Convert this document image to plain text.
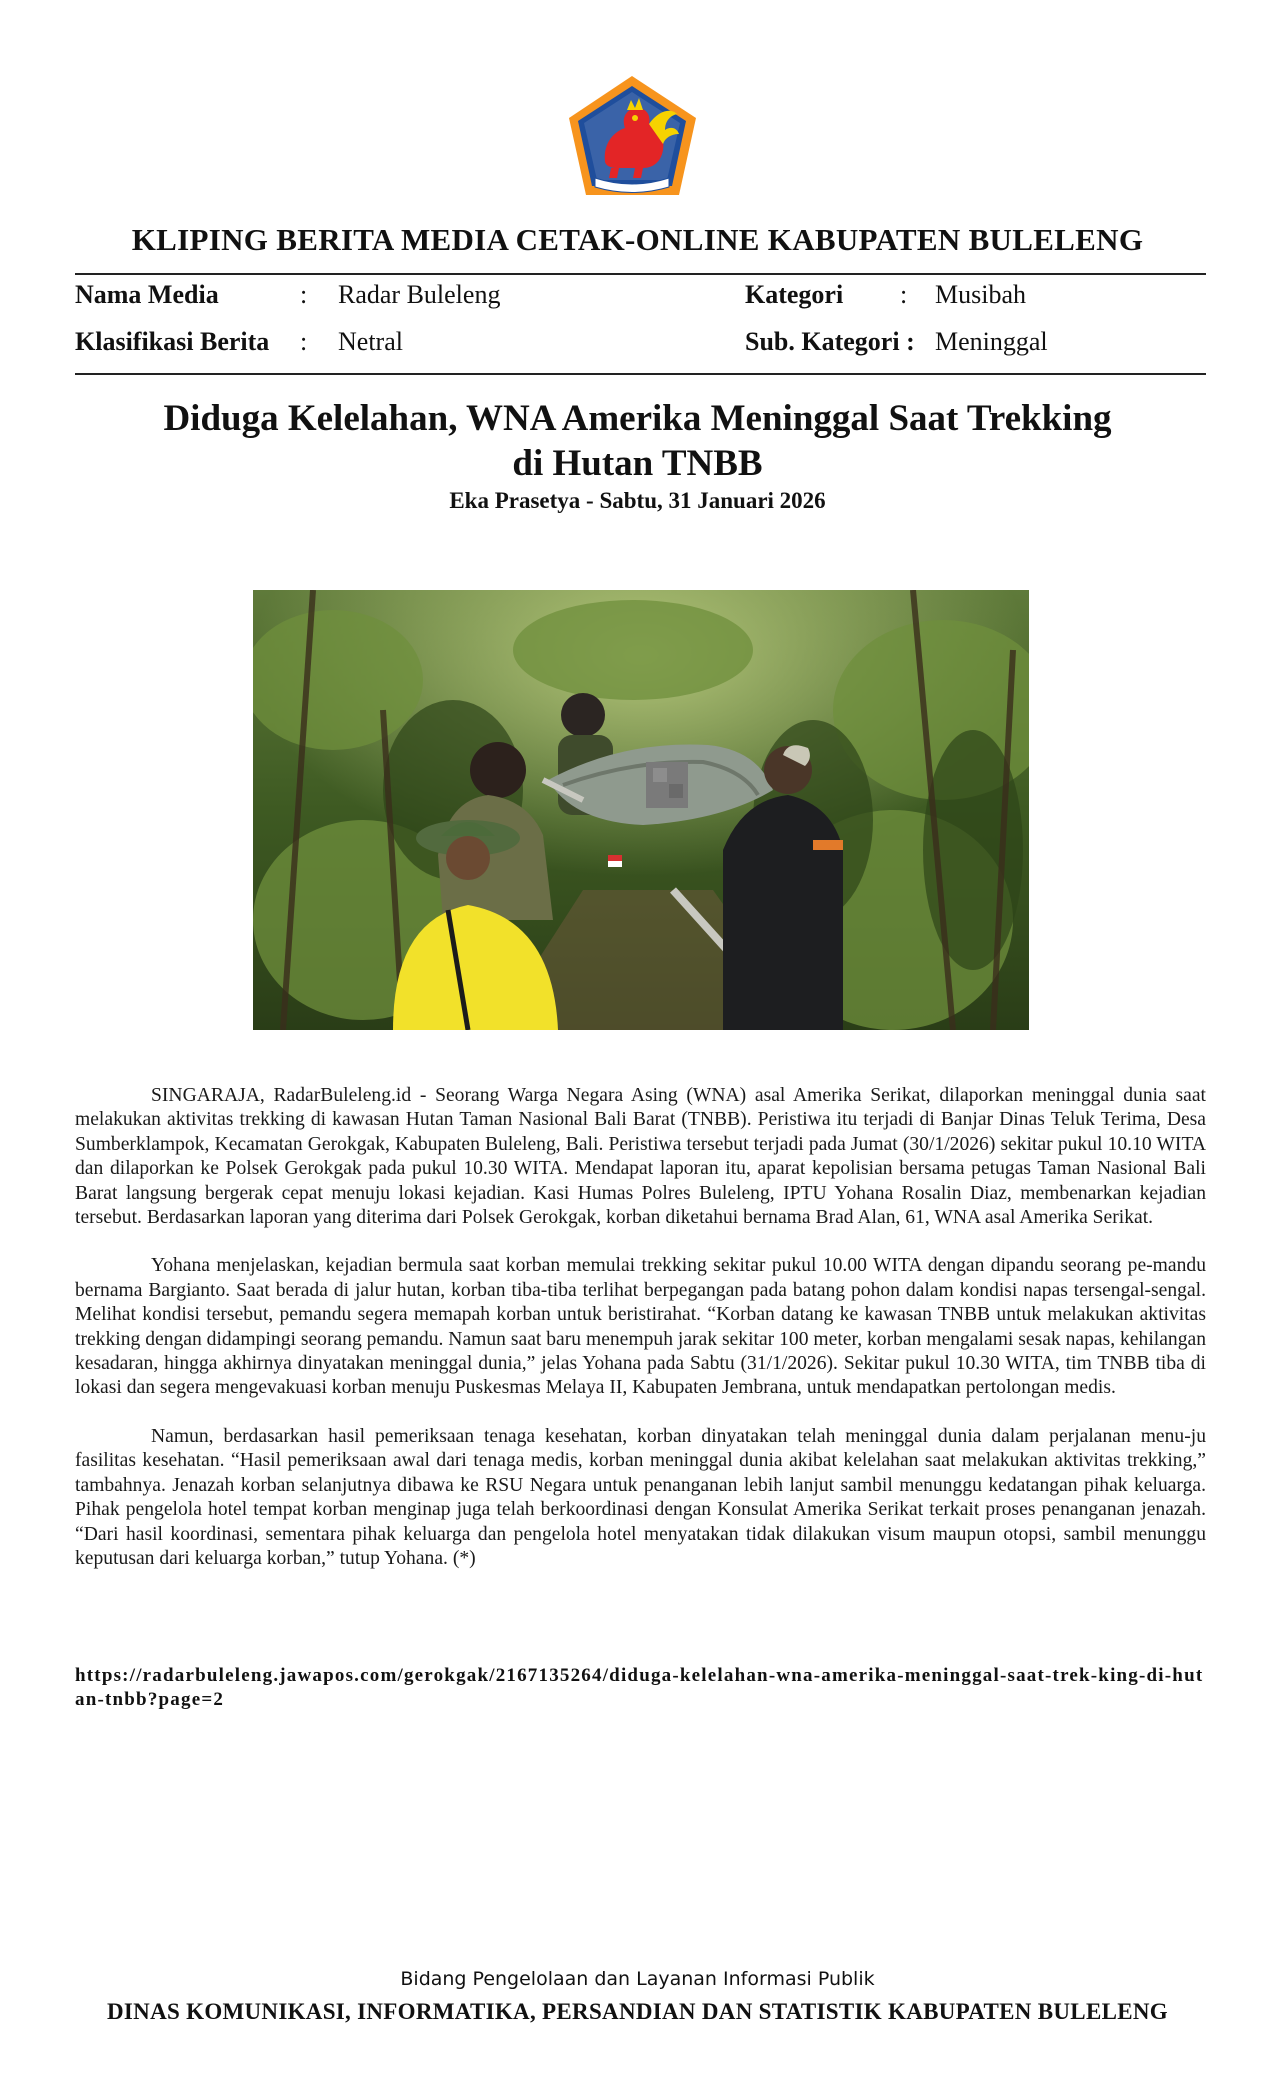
KLIPING BERITA MEDIA CETAK-ONLINE KABUPATEN BULELENG
Nama Media	: Radar Buleleng
Klasifikasi Berita : Netral
Kategori : Musibah
Sub. Kategori : Meninggal
Diduga Kelelahan, WNA Amerika Meninggal Saat Trekking
di Hutan TNBB
Eka Prasetya - Sabtu, 31 Januari 2026

SINGARAJA, RadarBuleleng.id - Seorang Warga Negara Asing (WNA) asal Amerika Serikat, dilaporkan meninggal dunia saat melakukan aktivitas trekking di kawasan Hutan Taman Nasional Bali Barat (TNBB). Peristiwa itu terjadi di Banjar Dinas Teluk Terima, Desa Sumberklampok, Kecamatan Gerokgak, Kabupaten Buleleng, Bali. Peristiwa tersebut terjadi pada Jumat (30/1/2026) sekitar pukul 10.10 WITA dan dilaporkan ke Polsek Gerokgak pada pukul 10.30 WITA. Mendapat laporan itu, aparat kepolisian bersama petugas Taman Nasional Bali Barat langsung bergerak cepat menuju lokasi kejadian. Kasi Humas Polres Buleleng, IPTU Yohana Rosalin Diaz, membenarkan kejadian tersebut. Berdasarkan laporan yang diterima dari Polsek Gerokgak, korban diketahui bernama Brad Alan, 61, WNA asal Amerika Serikat.

Yohana menjelaskan, kejadian bermula saat korban memulai trekking sekitar pukul 10.00 WITA dengan dipandu seorang pe-mandu bernama Bargianto. Saat berada di jalur hutan, korban tiba-tiba terlihat berpegangan pada batang pohon dalam kondisi napas tersengal-sengal. Melihat kondisi tersebut, pemandu segera memapah korban untuk beristirahat. “Korban datang ke kawasan TNBB untuk melakukan aktivitas trekking dengan didampingi seorang pemandu. Namun saat baru menempuh jarak sekitar 100 meter, korban mengalami sesak napas, kehilangan kesadaran, hingga akhirnya dinyatakan meninggal dunia,” jelas Yohana pada Sabtu (31/1/2026). Sekitar pukul 10.30 WITA, tim TNBB tiba di lokasi dan segera mengevakuasi korban menuju Puskesmas Melaya II, Kabupaten Jembrana, untuk mendapatkan pertolongan medis.

Namun, berdasarkan hasil pemeriksaan tenaga kesehatan, korban dinyatakan telah meninggal dunia dalam perjalanan menu-ju fasilitas kesehatan. “Hasil pemeriksaan awal dari tenaga medis, korban meninggal dunia akibat kelelahan saat melakukan aktivitas trekking,” tambahnya. Jenazah korban selanjutnya dibawa ke RSU Negara untuk penanganan lebih lanjut sambil menunggu kedatangan pihak keluarga. Pihak pengelola hotel tempat korban menginap juga telah berkoordinasi dengan Konsulat Amerika Serikat terkait proses penanganan jenazah. “Dari hasil koordinasi, sementara pihak keluarga dan pengelola hotel menyatakan tidak dilakukan visum maupun otopsi, sambil menunggu keputusan dari keluarga korban,” tutup Yohana. (*)

https://radarbuleleng.jawapos.com/gerokgak/2167135264/diduga-kelelahan-wna-amerika-meninggal-saat-trek-king-di-hutan-tnbb?page=2
Bidang Pengelolaan dan Layanan Informasi Publik
DINAS KOMUNIKASI, INFORMATIKA, PERSANDIAN DAN STATISTIK KABUPATEN BULELENG
